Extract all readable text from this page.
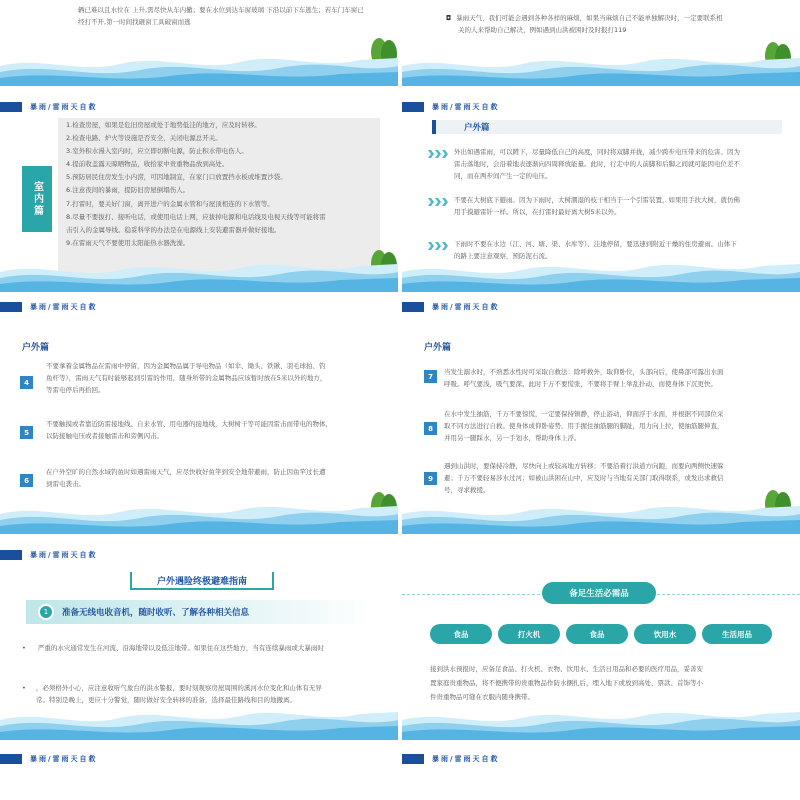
辆已难以且水位在 上升,需尽快从车内撤；要在水位到达车窗玻璃 下沿以前下车逃生；若车门车窗已
经打不开,第一时间找砸窗工具破窗而逃	◘ 暴雨天气，我们可能会遇到各种各样的麻烦，如果当麻烦自己不能单独解决时，一定要联系相
关的人来帮助自己解决，例如遇到山洪被困时及时报打119
暴雨/雷雨天自救
室内篇
1.检查房屋，如果是危旧房屋或处于地势低洼的地方，应及时转移。
2.检查电路、炉火等设施是否安全，关闭电源总开关。
3.室外积水漫入室内时，应立即切断电源，防止积水带电伤人。
4.提前收盖露天晾晒物品，收拾家中贵重物品放到高处。
5.预防居民住房发生小内涝，可因地制宜，在家门口放置挡水板或堆置沙袋。
6.注意夜间的暴雨，提防旧房屋倒塌伤人。
7.打雷时，要关好门窗，离开进户的金属水管和与屋顶相连的下水管等。
8.尽量不要拔打、接听电话，或使用电话上网，应拔掉电源和电话线及电视天线等可能将雷
击引入的金属导线。稳妥科学的办法是在电源线上安装避雷器并做好接地。
9.在雷雨天气不要使用太阳能热水器洗澡。
暴雨/雷雨天自救
户外篇
外出如遇雷雨，可以蹲下，尽量降低自己的高度，同时将双脚并拢，减少跨步电压带来的危害。因为
雷击落地时，会沿着地表逐渐向四周释放能量。此时，行走中的人前脚和后脚之间就可能因电位差不
同，而在两步间产生一定的电压。
不要在大树底下避雨。因为下雨时，大树潮湿的枝干相当于一个引雷装置，如果用手扶大树，就仿佛
用手摸避雷针一样。所以，在打雷时最好离大树5米以外。
下雨时不要在水边（江、河、塘、渠、水库等）、洼地停留，要迅速到附近干燥的住房避雨。山体下
的路上要注意观察，预防泥石流。
暴雨/雷雨天自救
户外篇
4
不要拿着金属物品在雷雨中停留，因为金属物品属于导电物品（如伞、锄头、铁锹、羽毛球拍、钓
鱼杆等），雷雨天气有时能够起到引雷的作用，随身所带的金属物品应该暂时放在5米以外的地方，
等雷电停后再拾回。
5
不要触摸或者靠近防雷接地线、自来水管、用电器的接地线，大树树干等可能因雷击而带电的物体，
以防接触电压或者接触雷击和旁侧闪击。
6
在户外空旷的自然水域钓鱼时如遇雷雨天气，应尽快收好鱼竿到安全地带避雨，防止因鱼竿过长遭
到雷电袭击。
暴雨/雷雨天自救
户外篇
7
当发生溺水时，不熟悉水性时可采取自救法：除呼救外，取仰卧位，头部向后，使鼻部可露出水面
呼吸。呼气要浅，吸气要深。此时千万不要慌张，不要将手臂上举乱扑动，而使身体下沉更快。
8
在水中发生抽筋，千万不要惊慌，一定要保持镇静，停止游动，仰面浮于水面，并根据不同部位采
取不同方法进行自救。使身体成仰卧姿势，用手握住抽筋腿的脚趾，用力向上拉，使抽筋腿伸直，
并用另一腿踩水，另一手划水，帮助身体上浮。
9
遇到山洪时，要保持冷静，尽快向上或较高地方转移；不要沿着行洪道方向跑，而要向两侧快速躲
避；千万不要轻易涉水过河；如被山洪困在山中，应及时与当地有关部门取得联系，或发出求救信
号，寻求救援。
暴雨/雷雨天自救
户外遇险终极避难指南
1	准备无线电收音机，随时收听、了解各种相关信息
• 严重的水灾通常发生在河流、沿海地带以及低洼地带。如果住在这些地方，当有连续暴雨或大暴雨时
• ，必须格外小心，应注意收听气象台的洪水警报，要时刻观察房屋周围的溪河水位变化和山体有无异
常。特别是晚上，更应十分警觉，随时做好安全转移的准备，选择最佳路线和目的地撤离。
备足生活必需品
食品	打火机	食品	饮用水	生活用品
接到洪水预报时，应备足食品、打火机、衣物、饮用水、生活日用品和必要的医疗用品，妥善安
置家庭贵重物品，将不便携带的贵重物品作防水捆扎后，埋入地下或放到高处，票款、首饰等小
件贵重物品可缝在衣服内随身携带。
暴雨/雷雨天自救	暴雨/雷雨天自救
